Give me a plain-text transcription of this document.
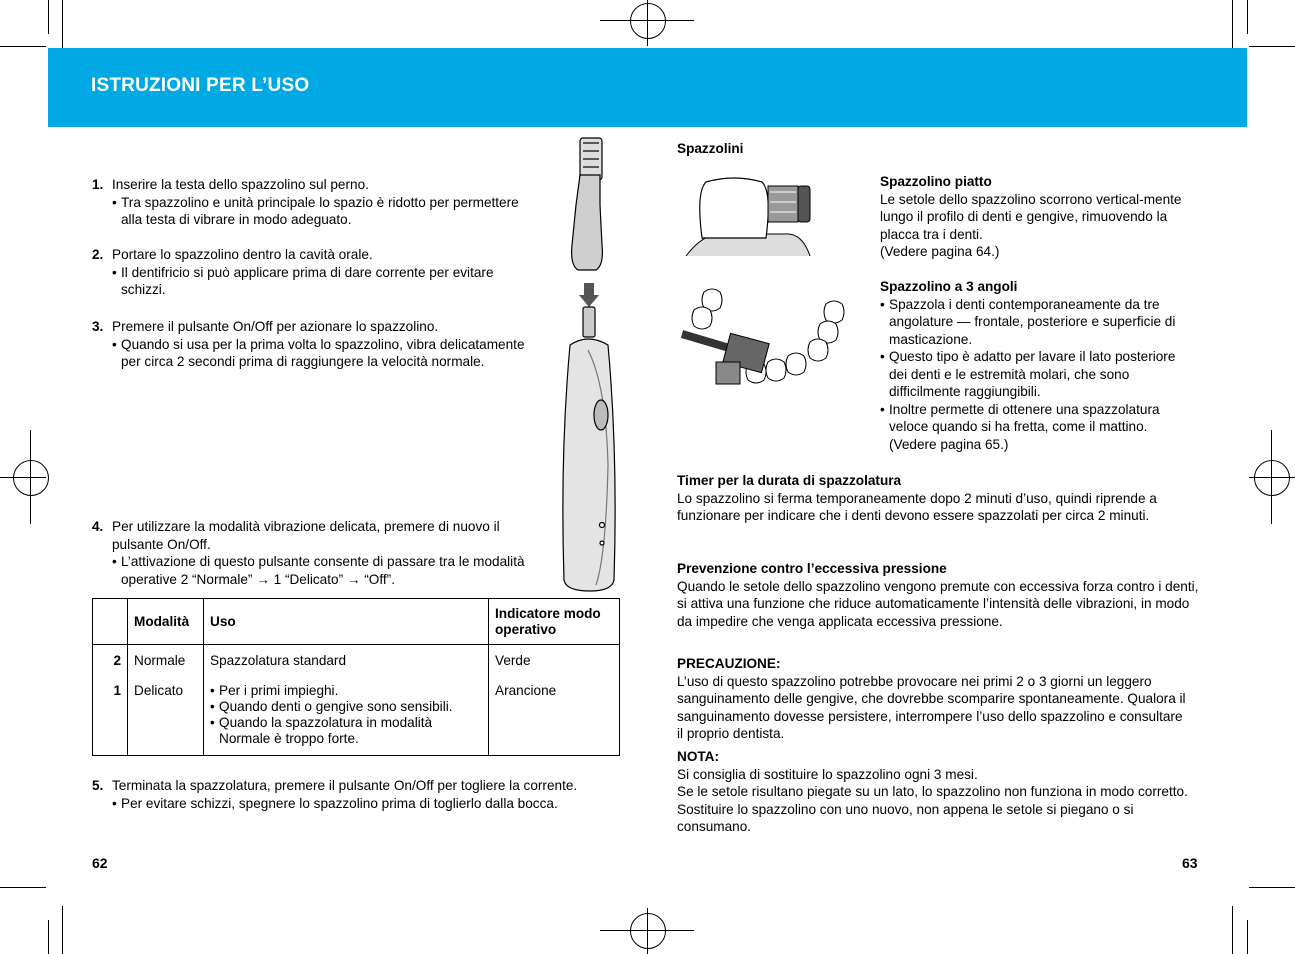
ISTRUZIONI PER L’USO
1. Inserire la testa dello spazzolino sul perno.
• Tra spazzolino e unità principale lo spazio è ridotto per permettere alla testa di vibrare in modo adeguato.
2. Portare lo spazzolino dentro la cavità orale.
• Il dentifricio si può applicare prima di dare corrente per evitare schizzi.
3. Premere il pulsante On/Off per azionare lo spazzolino.
• Quando si usa per la prima volta lo spazzolino, vibra delicatamente per circa 2 secondi prima di raggiungere la velocità normale.
4. Per utilizzare la modalità vibrazione delicata, premere di nuovo il pulsante On/Off.
• L’attivazione di questo pulsante consente di passare tra le modalità operative 2 “Normale” → 1 “Delicato” → “Off”.
	Modalità	Uso	Indicatore modo operativo
2	Normale	Spazzolatura standard	Verde
1	Delicato	• Per i primi impieghi.
• Quando denti o gengive sono sensibili.
• Quando la spazzolatura in modalità Normale è troppo forte.	Arancione
5. Terminata la spazzolatura, premere il pulsante On/Off per togliere la corrente.
• Per evitare schizzi, spegnere lo spazzolino prima di toglierlo dalla bocca.
62
Spazzolini
Spazzolino piatto
Le setole dello spazzolino scorrono vertical-mente lungo il profilo di denti e gengive, rimuovendo la placca tra i denti.
(Vedere pagina 64.)
Spazzolino a 3 angoli
• Spazzola i denti contemporaneamente da tre angolature — frontale, posteriore e superficie di masticazione.
• Questo tipo è adatto per lavare il lato posteriore dei denti e le estremità molari, che sono difficilmente raggiungibili.
• Inoltre permette di ottenere una spazzolatura veloce quando si ha fretta, come il mattino. (Vedere pagina 65.)
Timer per la durata di spazzolatura
Lo spazzolino si ferma temporaneamente dopo 2 minuti d’uso, quindi riprende a funzionare per indicare che i denti devono essere spazzolati per circa 2 minuti.
Prevenzione contro l’eccessiva pressione
Quando le setole dello spazzolino vengono premute con eccessiva forza contro i denti, si attiva una funzione che riduce automaticamente l’intensità delle vibrazioni, in modo da impedire che venga applicata eccessiva pressione.
PRECAUZIONE:
L’uso di questo spazzolino potrebbe provocare nei primi 2 o 3 giorni un leggero sanguinamento delle gengive, che dovrebbe scomparire spontaneamente. Qualora il sanguinamento dovesse persistere, interrompere l’uso dello spazzolino e consultare il proprio dentista.
NOTA:
Si consiglia di sostituire lo spazzolino ogni 3 mesi.
Se le setole risultano piegate su un lato, lo spazzolino non funziona in modo corretto. Sostituire lo spazzolino con uno nuovo, non appena le setole si piegano o si consumano.
63
